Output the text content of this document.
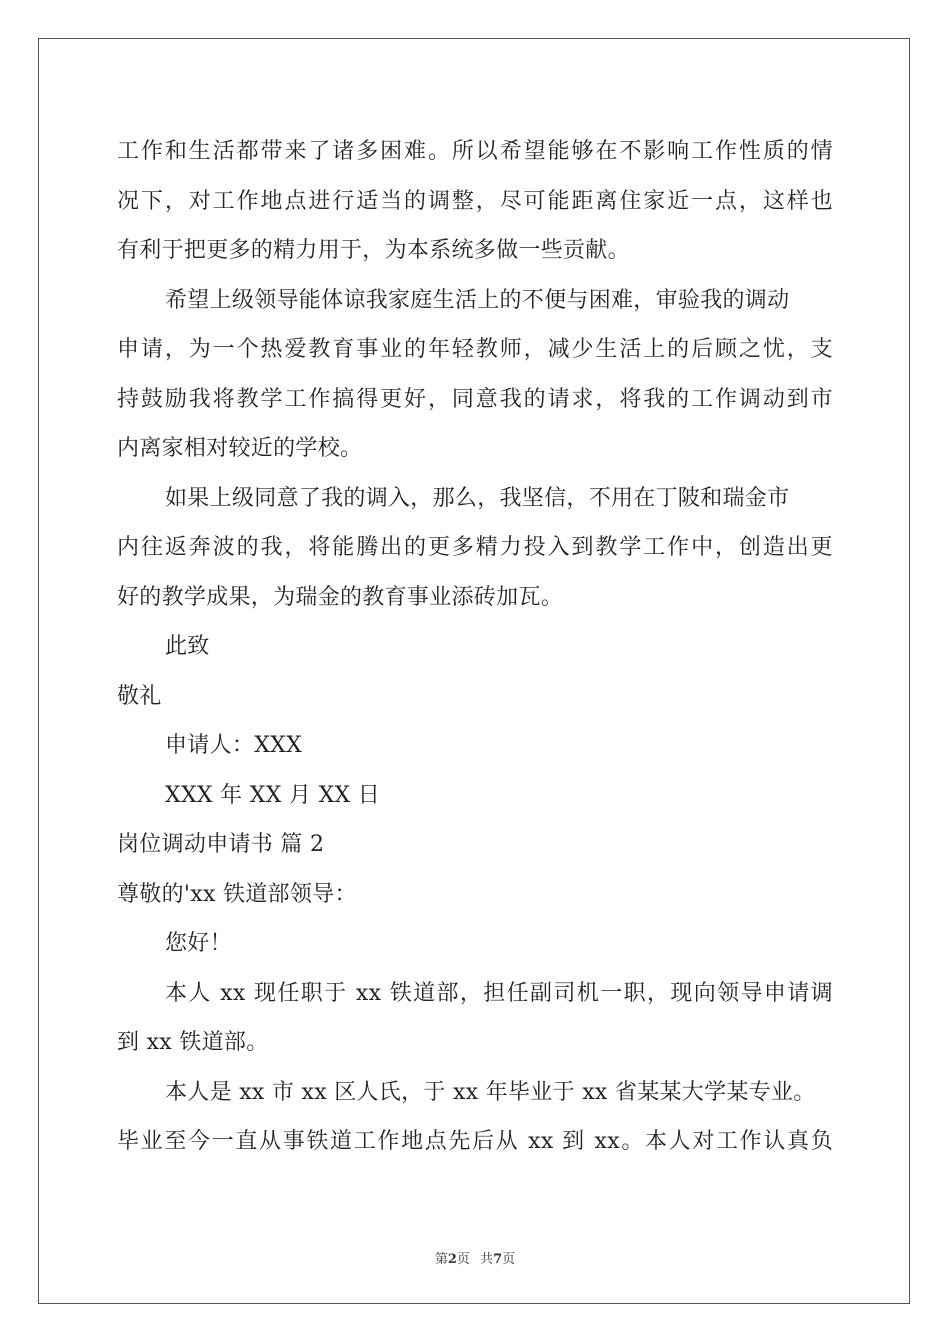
工作和生活都带来了诸多困难。所以希望能够在不影响工作性质的情
况下，对工作地点进行适当的调整，尽可能距离住家近一点，这样也
有利于把更多的精力用于，为本系统多做一些贡献。
希望上级领导能体谅我家庭生活上的不便与困难，审验我的调动
申请，为一个热爱教育事业的年轻教师，减少生活上的后顾之忧，支
持鼓励我将教学工作搞得更好，同意我的请求，将我的工作调动到市
内离家相对较近的学校。
如果上级同意了我的调入，那么，我坚信，不用在丁陂和瑞金市
内往返奔波的我，将能腾出的更多精力投入到教学工作中，创造出更
好的教学成果，为瑞金的教育事业添砖加瓦。
此致
敬礼
申请人：XXX
XXX 年 XX 月 XX 日
岗位调动申请书 篇 2
尊敬的'xx 铁道部领导：
您好！
本人 xx 现任职于 xx 铁道部，担任副司机一职，现向领导申请调
到 xx 铁道部。
本人是 xx 市 xx 区人氏，于 xx 年毕业于 xx 省某某大学某专业。
毕业至今一直从事铁道工作地点先后从 xx 到 xx。本人对工作认真负
第2页 共7页
